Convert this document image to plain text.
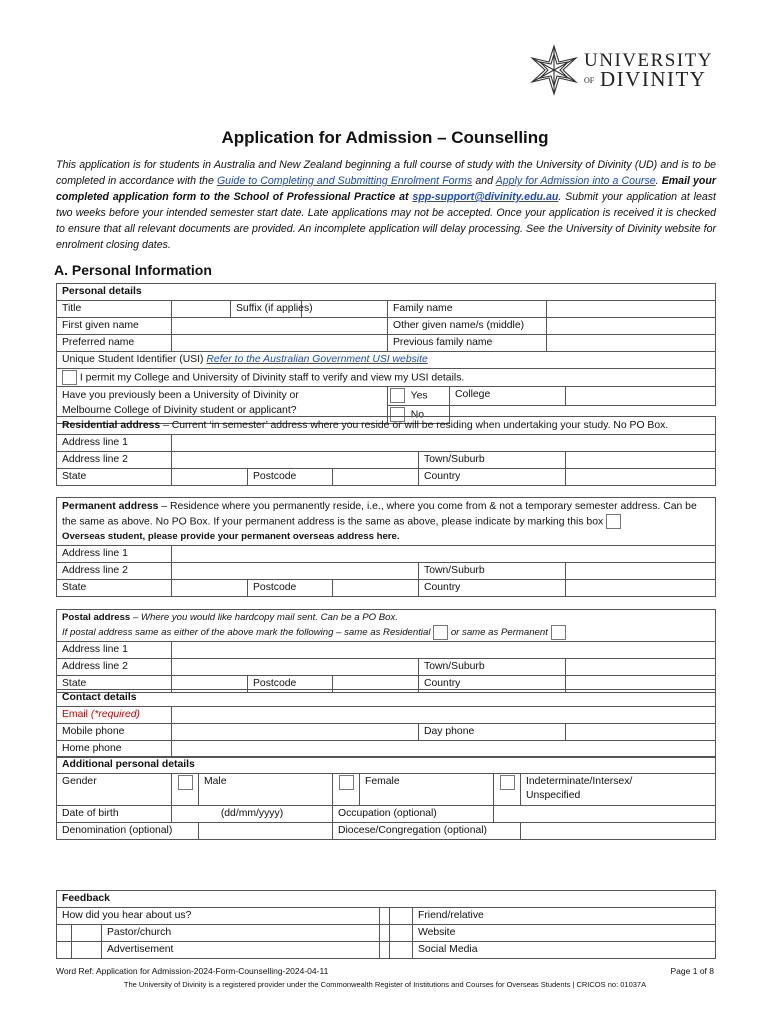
UNIVERSITY
OF DIVINITY
Application for Admission – Counselling
This application is for students in Australia and New Zealand beginning a full course of study with the University of Divinity (UD) and is to be completed in accordance with the Guide to Completing and Submitting Enrolment Forms and Apply for Admission into a Course. Email your completed application form to the School of Professional Practice at spp-support@divinity.edu.au. Submit your application at least two weeks before your intended semester start date. Late applications may not be accepted. Once your application is received it is checked to ensure that all relevant documents are provided. An incomplete application will delay processing. See the University of Divinity website for enrolment closing dates.
A. Personal Information
Personal details							
Title		Suffix (if applies)		Family name			
First given name				Other given name/s (middle)			
Preferred name				Previous family name			
Unique Student Identifier (USI) Refer to the Australian Government USI website							
I permit my College and University of Divinity staff to verify and view my USI details.							

Have you previously been a University of Divinity or
Melbourne College of Divinity student or applicant?				Yes	College		
				No			
Residential address – Current ‘in semester’ address where you reside or will be residing when undertaking your study. No PO Box.					
Address line 1					
Address line 2				Town/Suburb	
State		Postcode		Country	
Permanent address – Residence where you permanently reside, i.e., where you come from & not a temporary semester address. Can be the same as above. No PO Box. If your permanent address is the same as above, please indicate by marking this box
Overseas student, please provide your permanent overseas address here.					

Address line 1					
Address line 2				Town/Suburb	
State		Postcode		Country	
Postal address – Where you would like hardcopy mail sent. Can be a PO Box.
If postal address same as either of the above mark the following – same as Residential or same as Permanent					
Address line 1					
Address line 2				Town/Suburb	
State		Postcode		Country	
Contact details			
Email (*required)			
Mobile phone		Day phone	
Home phone			
Additional personal details						
Gender		Male		Female		Indeterminate/Intersex/
Unspecified

Date of birth	(dd/mm/yyyy)		Occupation (optional)			
Denomination (optional)			Diocese/Congregation (optional)			
Feedback					
How did you hear about us?					Friend/relative
		Pastor/church			Website
		Advertisement			Social Media
Word Ref: Application for Admission-2024-Form-Counselling-2024-04-11	Page 1 of 8
The University of Divinity is a registered provider under the Commonwealth Register of Institutions and Courses for Overseas Students | CRICOS no: 01037A
